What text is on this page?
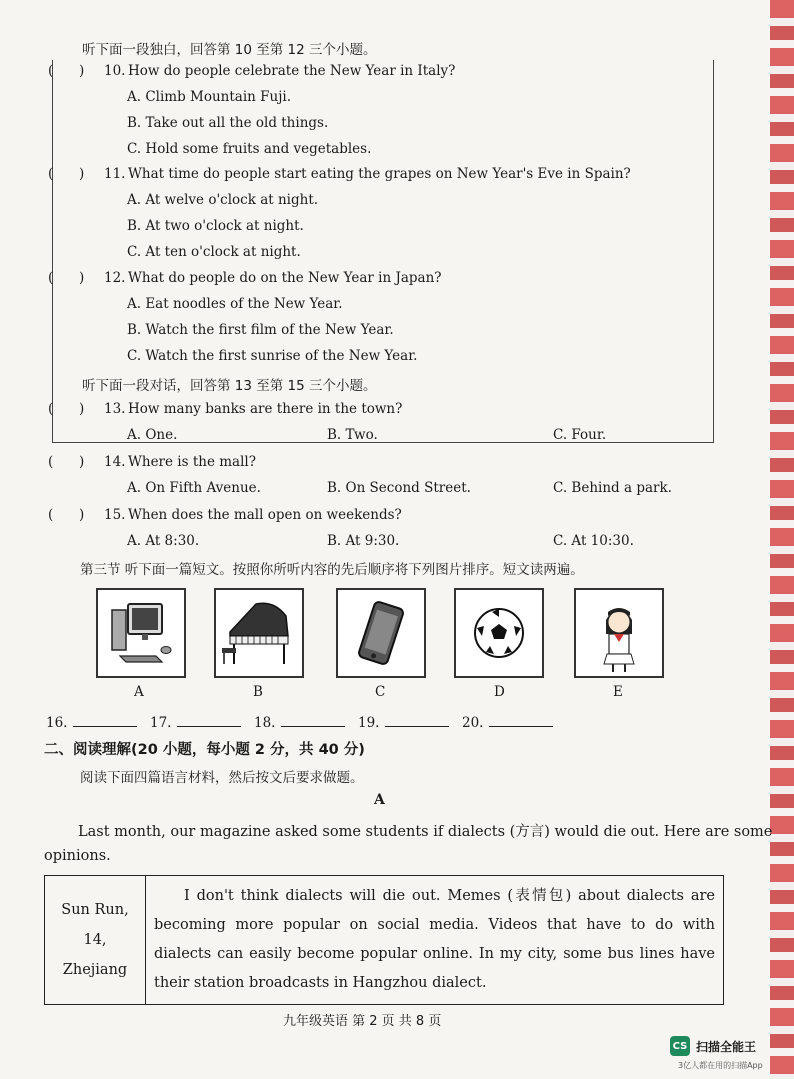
听下面一段独白，回答第 10 至第 12 三个小题。
(      ) 10. How do people celebrate the New Year in Italy?
A. Climb Mountain Fuji.
B. Take out all the old things.
C. Hold some fruits and vegetables.
(      ) 11. What time do people start eating the grapes on New Year's Eve in Spain?
A. At welve o'clock at night.
B. At two o'clock at night.
C. At ten o'clock at night.
(      ) 12. What do people do on the New Year in Japan?
A. Eat noodles of the New Year.
B. Watch the first film of the New Year.
C. Watch the first sunrise of the New Year.
听下面一段对话，回答第 13 至第 15 三个小题。
(      ) 13. How many banks are there in the town?
A. One.	B. Two.	C. Four.
(      ) 14. Where is the mall?
A. On Fifth Avenue.	B. On Second Street.	C. Behind a park.
(      ) 15. When does the mall open on weekends?
A. At 8:30.	B. At 9:30.	C. At 10:30.
第三节 听下面一篇短文。按照你所听内容的先后顺序将下列图片排序。短文读两遍。
A	B	C	D	E
16.	17.	18.	19.	20.
二、阅读理解(20 小题，每小题 2 分，共 40 分)
阅读下面四篇语言材料，然后按文后要求做题。
A
Last month, our magazine asked some students if dialects (方言) would die out. Here are some
opinions.
Sun Run,
14, Zhejiang
	I don't think dialects will die out. Memes (表情包) about dialects are becoming more popular on social media. Videos that have to do with dialects can easily become popular online. In my city, some bus lines have their station broadcasts in Hangzhou dialect.
九年级英语 第 2 页 共 8 页
CS 扫描全能王
3亿人都在用的扫描App
